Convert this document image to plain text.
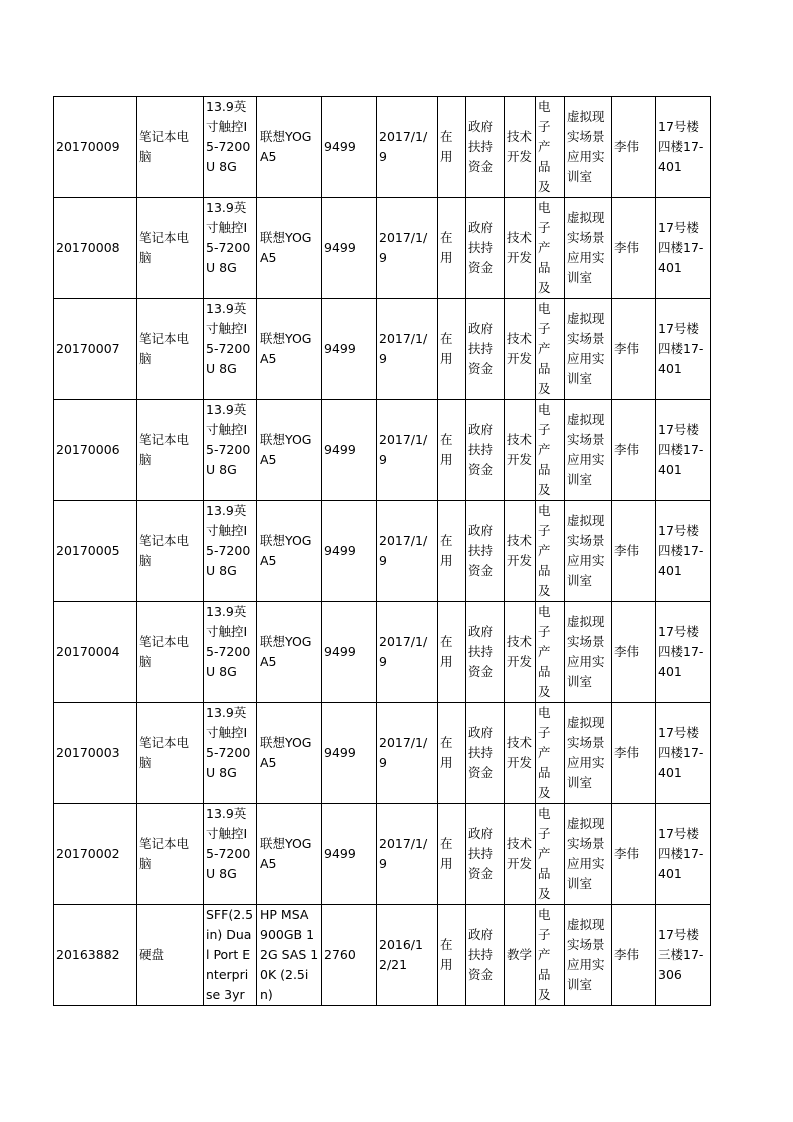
20170009	笔记本电脑	13.9英寸触控I5-7200U 8G	联想YOGA5	9499	2017/1/9	在用	政府扶持资金	技术开发	电子产品及	虚拟现实场景应用实训室	李伟	17号楼四楼17-401
20170008	笔记本电脑	13.9英寸触控I5-7200U 8G	联想YOGA5	9499	2017/1/9	在用	政府扶持资金	技术开发	电子产品及	虚拟现实场景应用实训室	李伟	17号楼四楼17-401
20170007	笔记本电脑	13.9英寸触控I5-7200U 8G	联想YOGA5	9499	2017/1/9	在用	政府扶持资金	技术开发	电子产品及	虚拟现实场景应用实训室	李伟	17号楼四楼17-401
20170006	笔记本电脑	13.9英寸触控I5-7200U 8G	联想YOGA5	9499	2017/1/9	在用	政府扶持资金	技术开发	电子产品及	虚拟现实场景应用实训室	李伟	17号楼四楼17-401
20170005	笔记本电脑	13.9英寸触控I5-7200U 8G	联想YOGA5	9499	2017/1/9	在用	政府扶持资金	技术开发	电子产品及	虚拟现实场景应用实训室	李伟	17号楼四楼17-401
20170004	笔记本电脑	13.9英寸触控I5-7200U 8G	联想YOGA5	9499	2017/1/9	在用	政府扶持资金	技术开发	电子产品及	虚拟现实场景应用实训室	李伟	17号楼四楼17-401
20170003	笔记本电脑	13.9英寸触控I5-7200U 8G	联想YOGA5	9499	2017/1/9	在用	政府扶持资金	技术开发	电子产品及	虚拟现实场景应用实训室	李伟	17号楼四楼17-401
20170002	笔记本电脑	13.9英寸触控I5-7200U 8G	联想YOGA5	9499	2017/1/9	在用	政府扶持资金	技术开发	电子产品及	虚拟现实场景应用实训室	李伟	17号楼四楼17-401
20163882	硬盘	SFF(2.5in) Dual Port Enterprise 3yr	HP MSA 900GB 12G SAS 10K (2.5in)	2760	2016/12/21	在用	政府扶持资金	教学	电子产品及	虚拟现实场景应用实训室	李伟	17号楼三楼17-306
